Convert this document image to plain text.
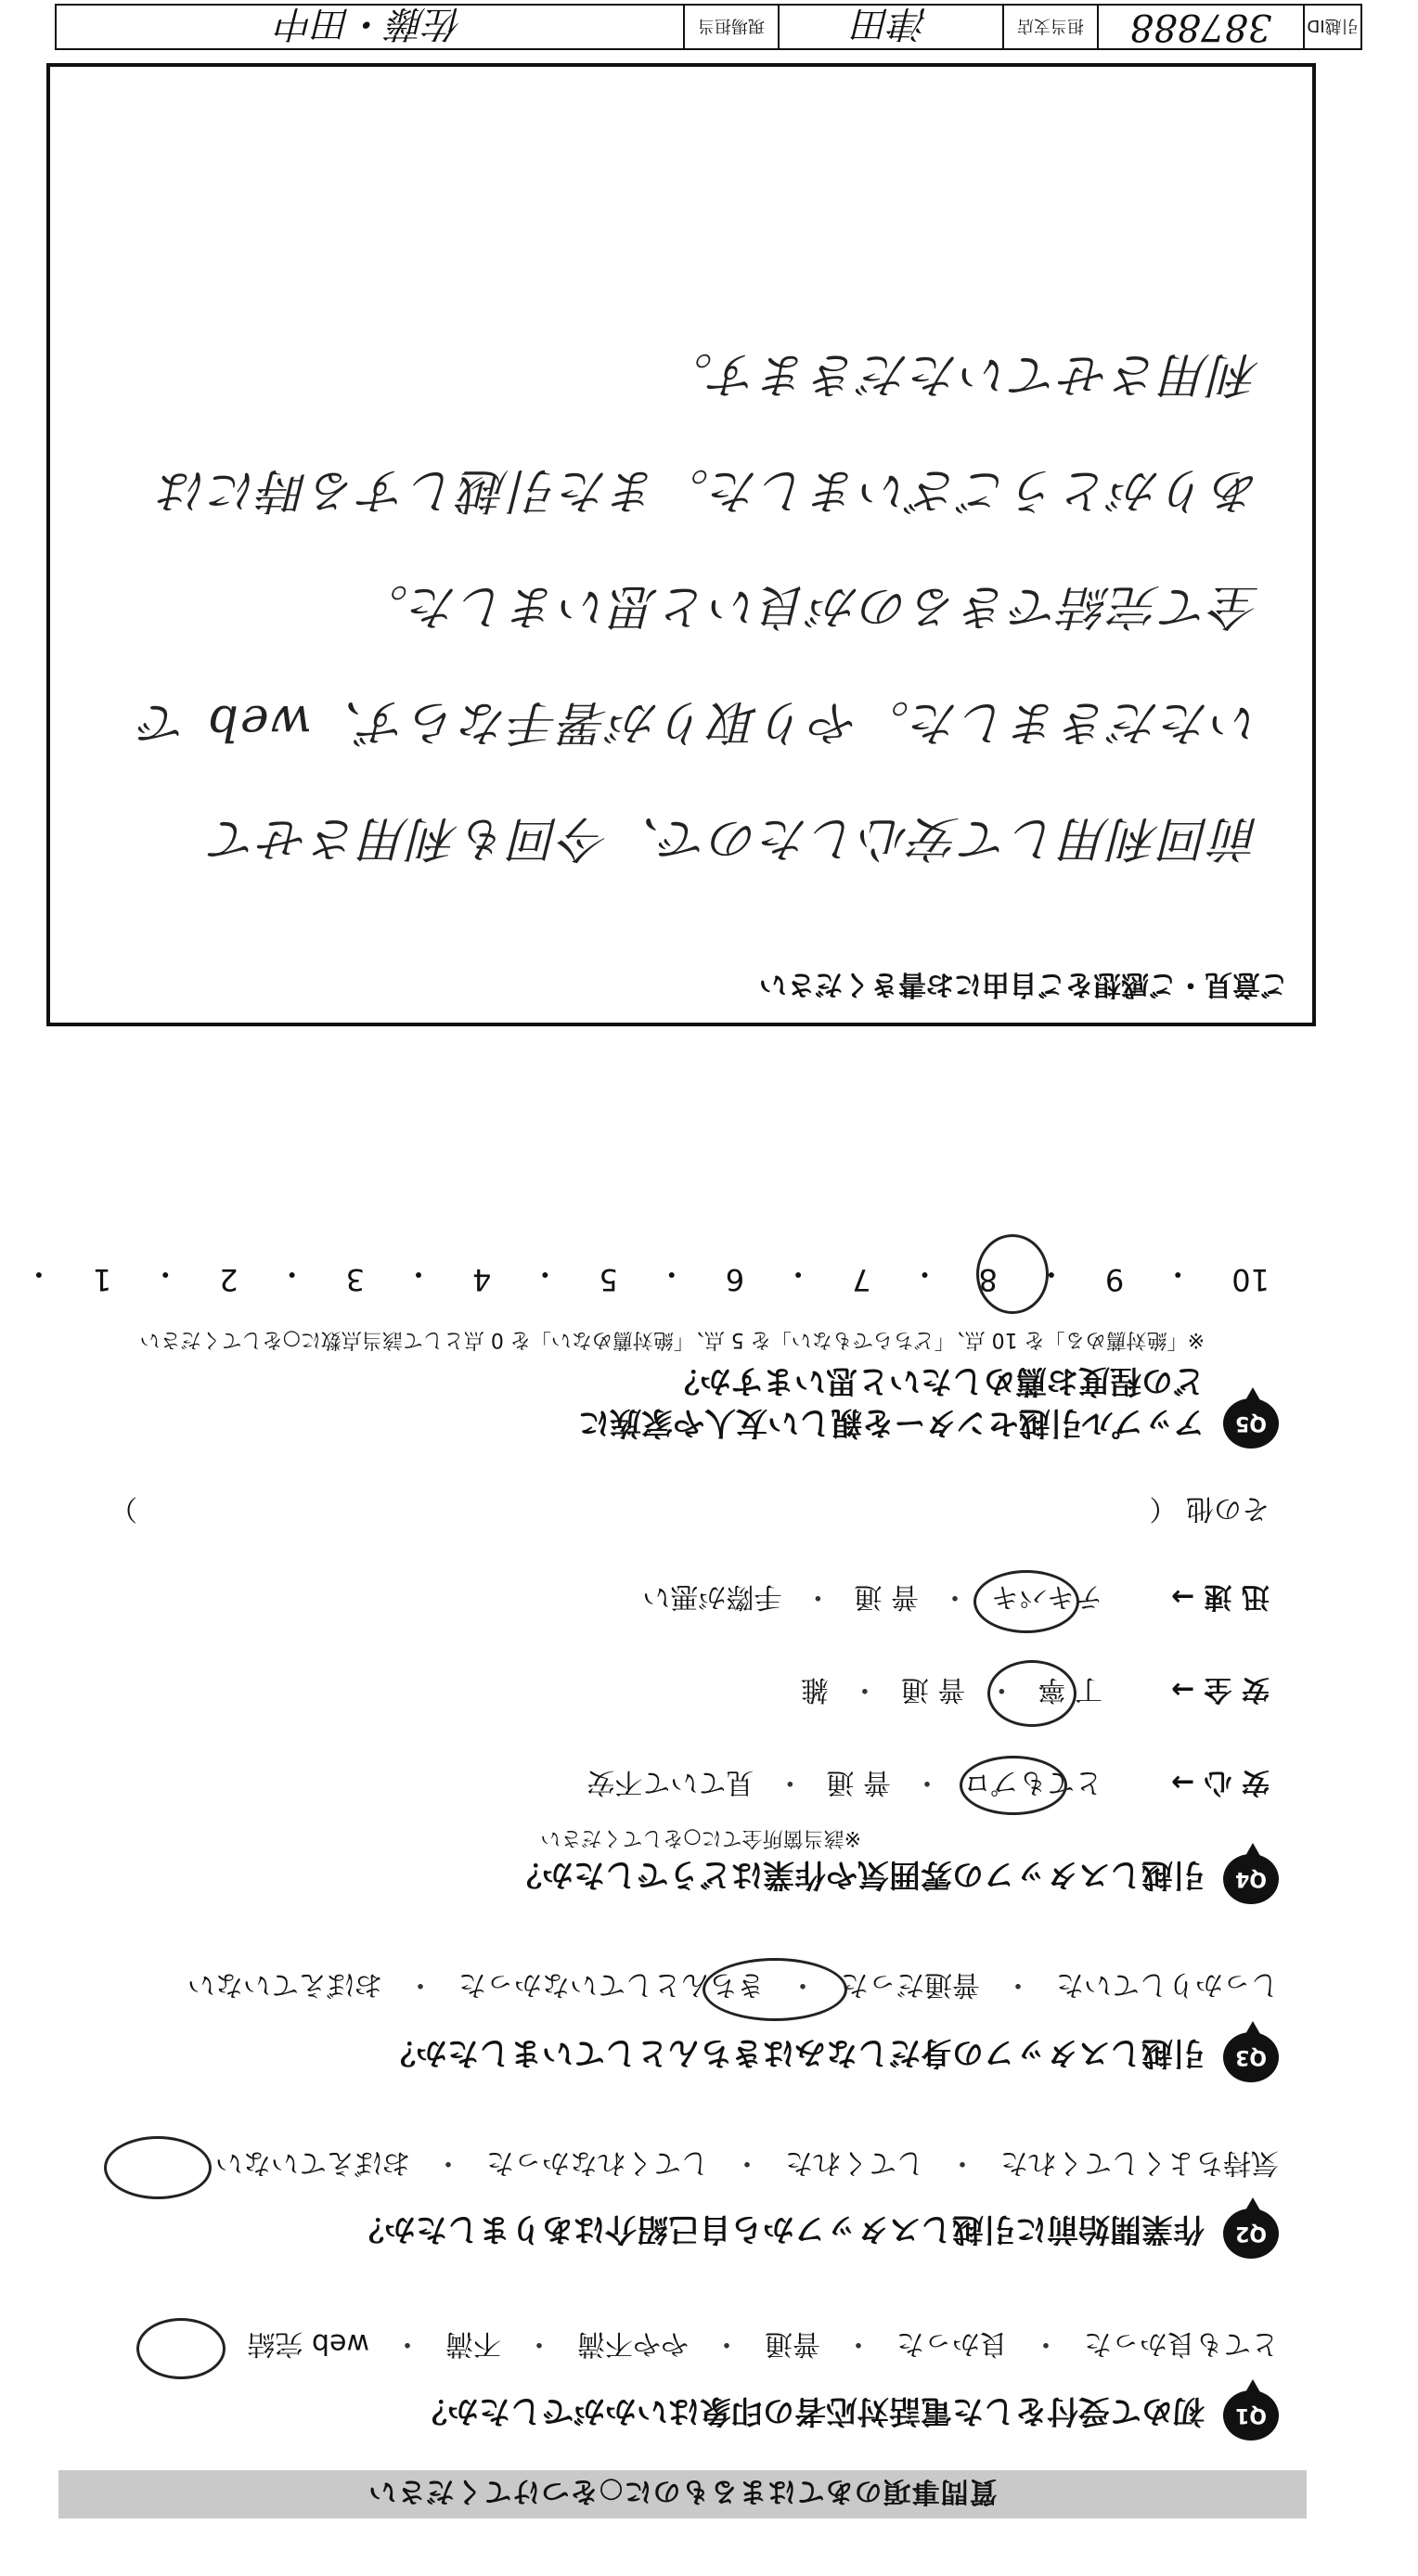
質問事項のあてはまるものに○をつけてください
Q1
初めて受付をした電話対応者の印象はいかがでしたか？
とても良かった
・
良かった
・
普通
・
やや不満
・
不満
・
web 完結
Q2
作業開始前に引越しスタッフから自己紹介はありましたか？
気持ちよくしてくれた
・
してくれた
・
してくれなかった
・
おぼえていない
Q3
引越しスタッフの身だしなみはきちんとしていましたか？
しっかりしていた
・
普通だった
・
きちんとしていなかった
・
おぼえていない
Q4
引越しスタッフの雰囲気や作業はどうでしたか？
※該当箇所全てに○をしてください
安 心 →
とてもプロ
・
普 通
・
見ていて不安
安 全 →
丁 寧
・
普 通
・
雑
迅 速 →
テキパキ
・
普 通
・
手際が悪い
その他 （
）
Q5
アップル引越センターを親しい友人や家族に
どの程度お薦めしたいと思いますか？
※「絶対薦める」を 10 点、「どちらでもない」を 5 点、「絶対薦めない」を 0 点として該当点数に○をしてください
10
・
9
・
8
・
7
・
6
・
5
・
4
・
3
・
2
・
1
・
ご意見・ご感想をご自由にお書きください
前回利用して安心したので、今回も利用させて
いただきました。やり取りが署手ならず、web で
全て完結できるのが良いと思いました。
ありがとうございました。また引越しする時には
利用させていただきます。
引越ID
387888
担当支店
津田
現場担当
佐藤・田中
